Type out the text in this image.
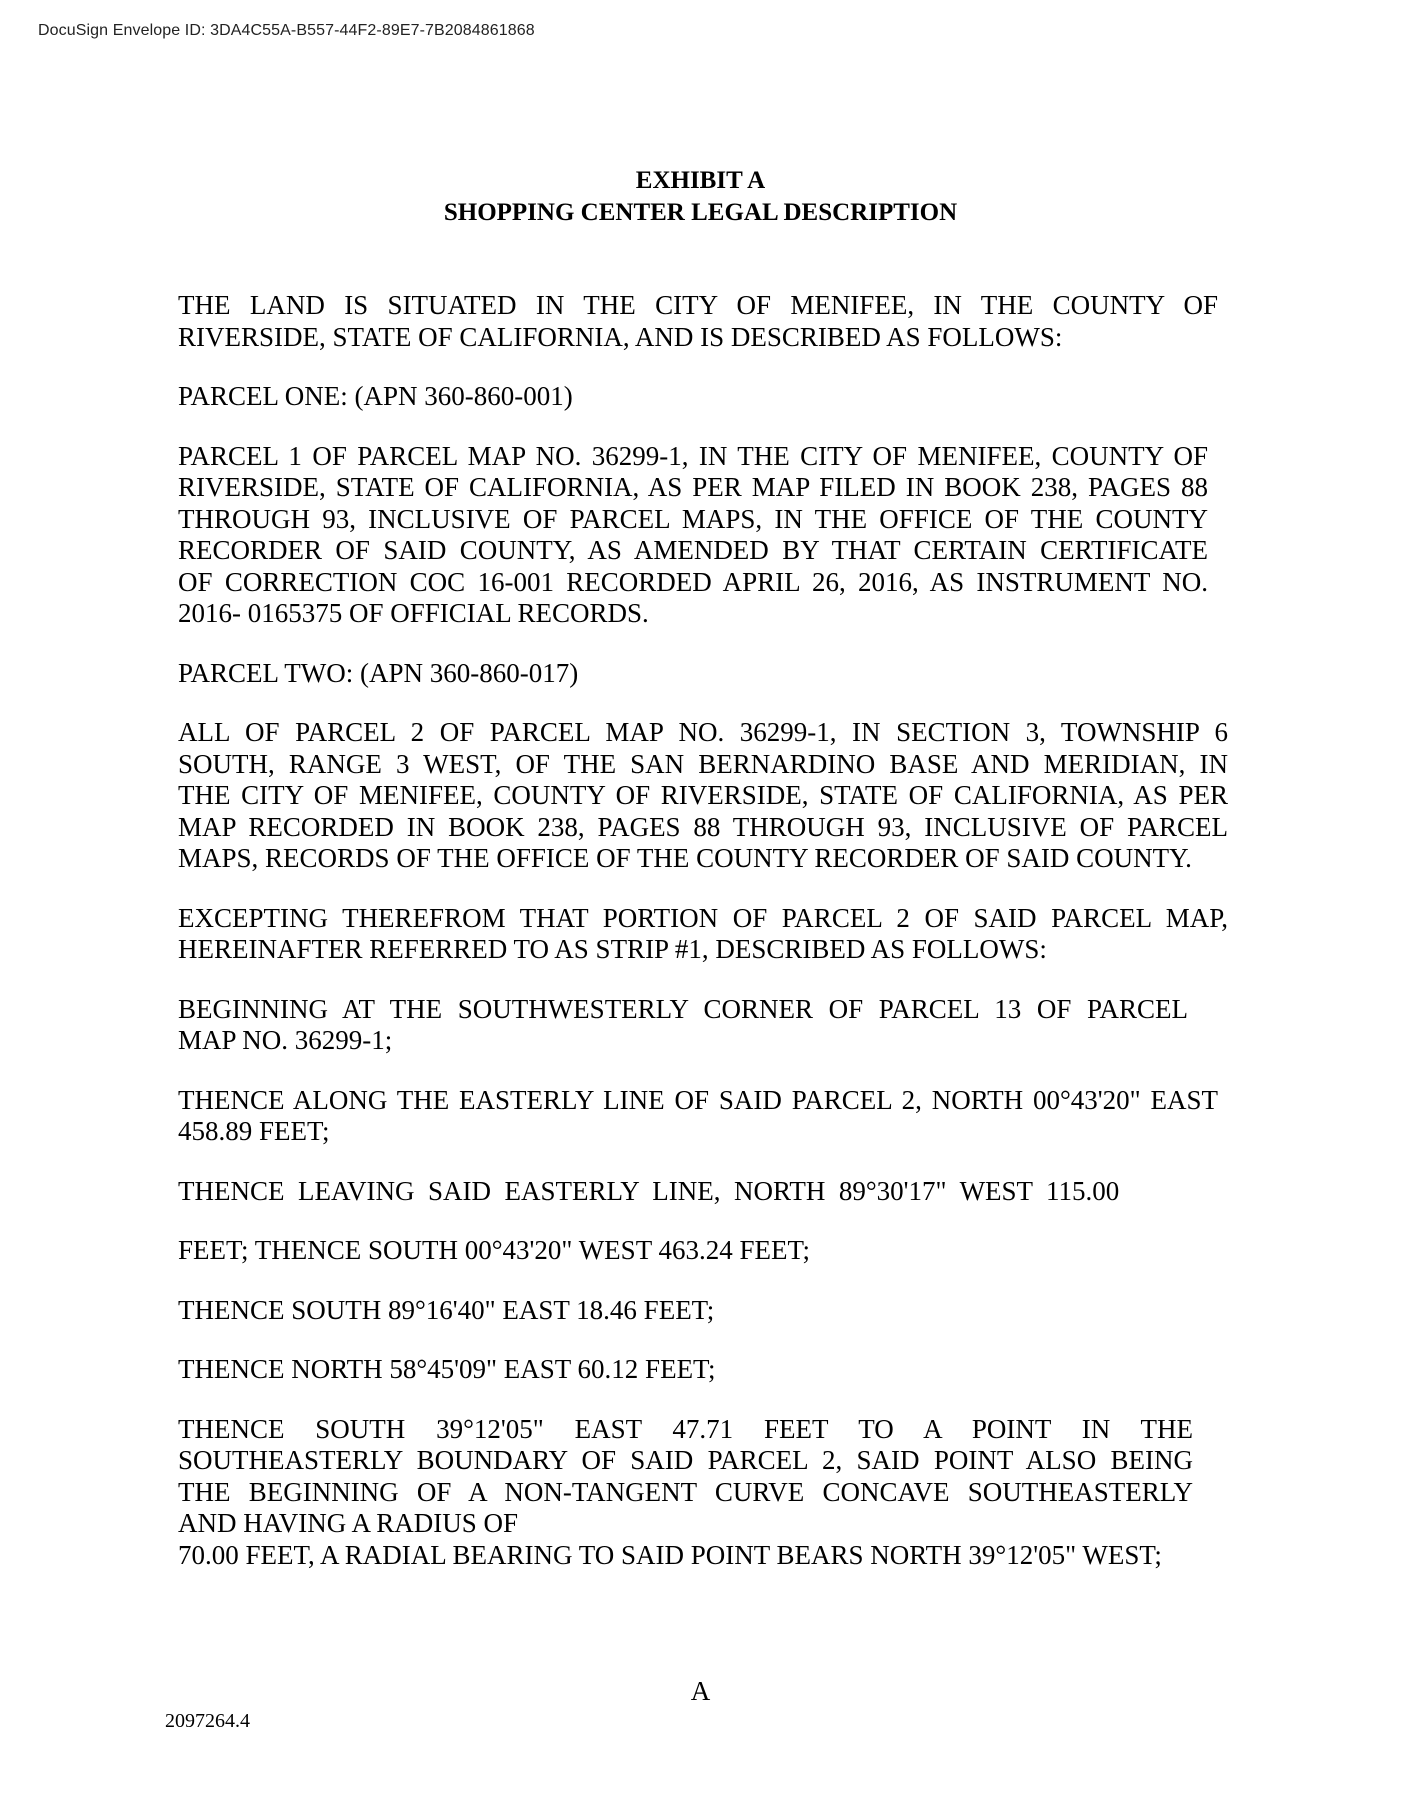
DocuSign Envelope ID: 3DA4C55A-B557-44F2-89E7-7B2084861868
EXHIBIT A
SHOPPING CENTER LEGAL DESCRIPTION

THE LAND IS SITUATED IN THE CITY OF MENIFEE, IN THE COUNTY OF
RIVERSIDE, STATE OF CALIFORNIA, AND IS DESCRIBED AS FOLLOWS:

PARCEL ONE: (APN 360-860-001)

PARCEL 1 OF PARCEL MAP NO. 36299-1, IN THE CITY OF MENIFEE, COUNTY OF
RIVERSIDE, STATE OF CALIFORNIA, AS PER MAP FILED IN BOOK 238, PAGES 88
THROUGH 93, INCLUSIVE OF PARCEL MAPS, IN THE OFFICE OF THE COUNTY
RECORDER OF SAID COUNTY, AS AMENDED BY THAT CERTAIN CERTIFICATE
OF CORRECTION COC 16-001 RECORDED APRIL 26, 2016, AS INSTRUMENT NO.
2016- 0165375 OF OFFICIAL RECORDS.

PARCEL TWO: (APN 360-860-017)

ALL OF PARCEL 2 OF PARCEL MAP NO. 36299-1, IN SECTION 3, TOWNSHIP 6
SOUTH, RANGE 3 WEST, OF THE SAN BERNARDINO BASE AND MERIDIAN, IN
THE CITY OF MENIFEE, COUNTY OF RIVERSIDE, STATE OF CALIFORNIA, AS PER
MAP RECORDED IN BOOK 238, PAGES 88 THROUGH 93, INCLUSIVE OF PARCEL
MAPS, RECORDS OF THE OFFICE OF THE COUNTY RECORDER OF SAID COUNTY.

EXCEPTING THEREFROM THAT PORTION OF PARCEL 2 OF SAID PARCEL MAP,
HEREINAFTER REFERRED TO AS STRIP #1, DESCRIBED AS FOLLOWS:

BEGINNING AT THE SOUTHWESTERLY CORNER OF PARCEL 13 OF PARCEL
MAP NO. 36299-1;

THENCE ALONG THE EASTERLY LINE OF SAID PARCEL 2, NORTH 00°43'20" EAST
458.89 FEET;

THENCE  LEAVING  SAID  EASTERLY  LINE,  NORTH  89°30'17"  WEST  115.00

FEET; THENCE SOUTH 00°43'20" WEST 463.24 FEET;

THENCE SOUTH 89°16'40" EAST 18.46 FEET;

THENCE NORTH 58°45'09" EAST 60.12 FEET;

THENCE SOUTH 39°12'05" EAST 47.71 FEET TO A POINT IN THE
SOUTHEASTERLY BOUNDARY OF SAID PARCEL 2, SAID POINT ALSO BEING
THE BEGINNING OF A NON-TANGENT CURVE CONCAVE SOUTHEASTERLY
AND HAVING A RADIUS OF
70.00 FEET, A RADIAL BEARING TO SAID POINT BEARS NORTH 39°12'05" WEST;

A
2097264.4
